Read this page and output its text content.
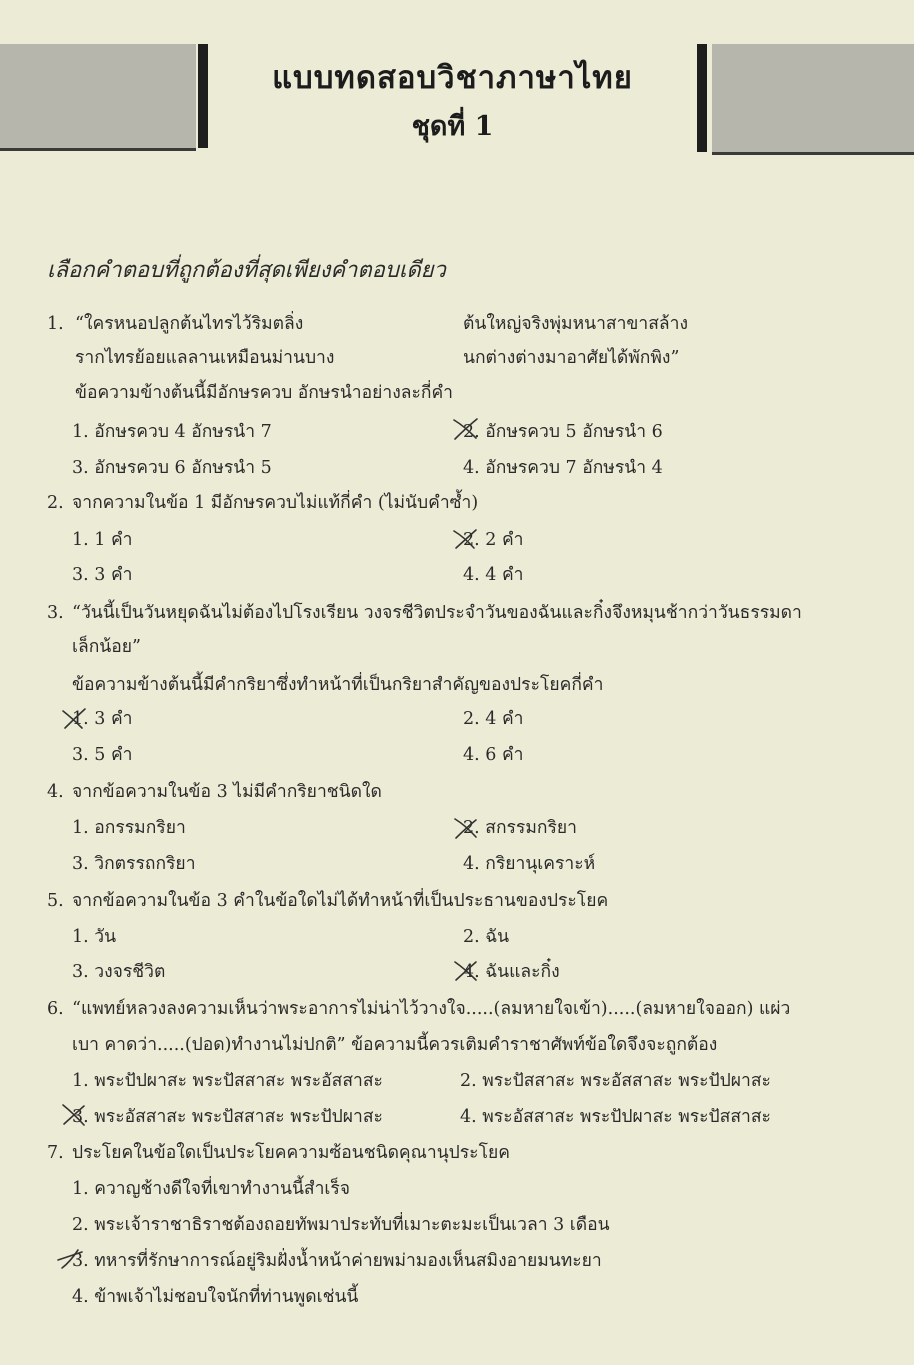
แบบทดสอบวิชาภาษาไทย
ชุดที่ 1
เลือกคำตอบที่ถูกต้องที่สุดเพียงคำตอบเดียว
1. “ใครหนอปลูกต้นไทรไว้ริมตลิ่ง	ต้นใหญ่จริงพุ่มหนาสาขาสล้าง
รากไทรย้อยแลลานเหมือนม่านบาง	นกต่างต่างมาอาศัยได้พักพิง”
ข้อความข้างต้นนี้มีอักษรควบ อักษรนำอย่างละกี่คำ
1. อักษรควบ 4 อักษรนำ 7	2. อักษรควบ 5 อักษรนำ 6
3. อักษรควบ 6 อักษรนำ 5	4. อักษรควบ 7 อักษรนำ 4
2. จากความในข้อ 1 มีอักษรควบไม่แท้กี่คำ (ไม่นับคำซ้ำ)
1. 1 คำ	2. 2 คำ
3. 3 คำ	4. 4 คำ
3. “วันนี้เป็นวันหยุดฉันไม่ต้องไปโรงเรียน วงจรชีวิตประจำวันของฉันและกิ๋งจึงหมุนช้ากว่าวันธรรมดา
เล็กน้อย”
ข้อความข้างต้นนี้มีคำกริยาซึ่งทำหน้าที่เป็นกริยาสำคัญของประโยคกี่คำ
1. 3 คำ	2. 4 คำ
3. 5 คำ	4. 6 คำ
4. จากข้อความในข้อ 3 ไม่มีคำกริยาชนิดใด
1. อกรรมกริยา	2. สกรรมกริยา
3. วิกตรรถกริยา	4. กริยานุเคราะห์
5. จากข้อความในข้อ 3 คำในข้อใดไม่ได้ทำหน้าที่เป็นประธานของประโยค
1. วัน	2. ฉัน
3. วงจรชีวิต	4. ฉันและกิ๋ง
6. “แพทย์หลวงลงความเห็นว่าพระอาการไม่น่าไว้วางใจ.....(ลมหายใจเข้า).....(ลมหายใจออก) แผ่ว
เบา คาดว่า.....(ปอด)ทำงานไม่ปกติ” ข้อความนี้ควรเติมคำราชาศัพท์ข้อใดจึงจะถูกต้อง
1. พระปัปผาสะ พระปัสสาสะ พระอัสสาสะ	2. พระปัสสาสะ พระอัสสาสะ พระปัปผาสะ
3. พระอัสสาสะ พระปัสสาสะ พระปัปผาสะ	4. พระอัสสาสะ พระปัปผาสะ พระปัสสาสะ
7. ประโยคในข้อใดเป็นประโยคความซ้อนชนิดคุณานุประโยค
1. ควาญช้างดีใจที่เขาทำงานนี้สำเร็จ
2. พระเจ้าราชาธิราชต้องถอยทัพมาประทับที่เมาะตะมะเป็นเวลา 3 เดือน
3. ทหารที่รักษาการณ์อยู่ริมฝั่งน้ำหน้าค่ายพม่ามองเห็นสมิงอายมนทะยา
4. ข้าพเจ้าไม่ชอบใจนักที่ท่านพูดเช่นนี้
